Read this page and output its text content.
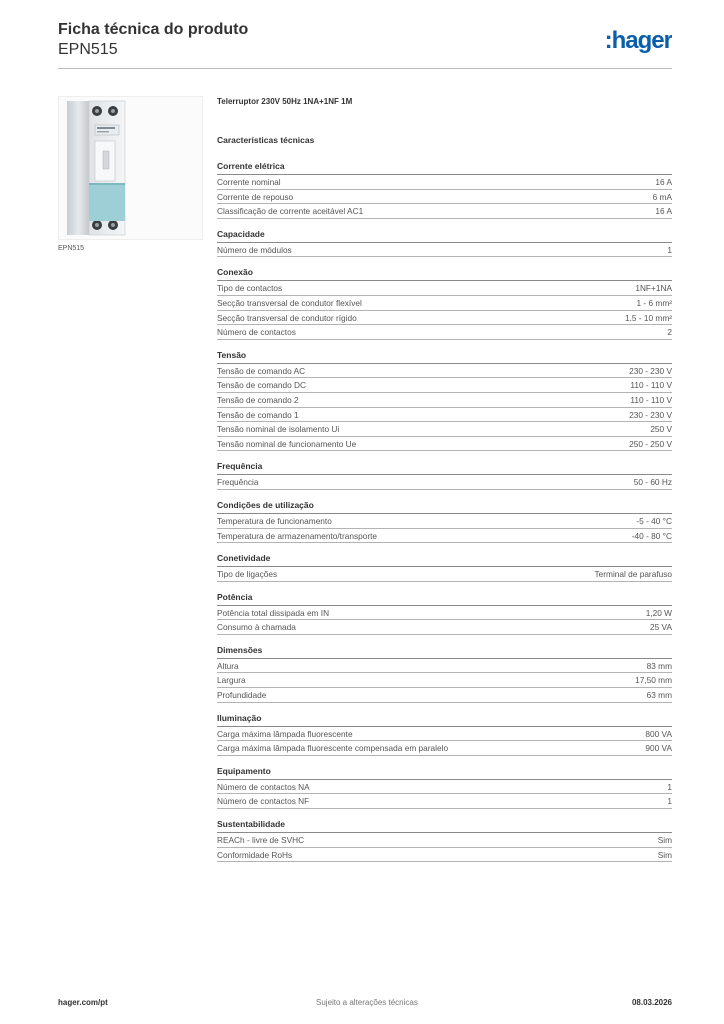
Ficha técnica do produto
EPN515	:hager
EPN515
Telerruptor 230V 50Hz 1NA+1NF 1M
Características técnicas
Corrente elétrica
Corrente nominal	16 A
Corrente de repouso	6 mA
Classificação de corrente aceitável AC1	16 A
Capacidade
Número de módulos	1
Conexão
Tipo de contactos	1NF+1NA
Secção transversal de condutor flexível	1 - 6 mm²
Secção transversal de condutor rígido	1.5 - 10 mm²
Número de contactos	2
Tensão
Tensão de comando AC	230 - 230 V
Tensão de comando DC	110 - 110 V
Tensão de comando 2	110 - 110 V
Tensão de comando 1	230 - 230 V
Tensão nominal de isolamento Ui	250 V
Tensão nominal de funcionamento Ue	250 - 250 V
Frequência
Frequência	50 - 60 Hz
Condições de utilização
Temperatura de funcionamento	-5 - 40 °C
Temperatura de armazenamento/transporte	-40 - 80 °C
Conetividade
Tipo de ligações	Terminal de parafuso
Potência
Potência total dissipada em IN	1,20 W
Consumo à chamada	25 VA
Dimensões
Altura	83 mm
Largura	17,50 mm
Profundidade	63 mm
Iluminação
Carga máxima lâmpada fluorescente	800 VA
Carga máxima lâmpada fluorescente compensada em paralelo	900 VA
Equipamento
Número de contactos NA	1
Número de contactos NF	1
Sustentabilidade
REACh - livre de SVHC	Sim
Conformidade RoHs	Sim
hager.com/pt	Sujeito a alterações técnicas	08.03.2026
